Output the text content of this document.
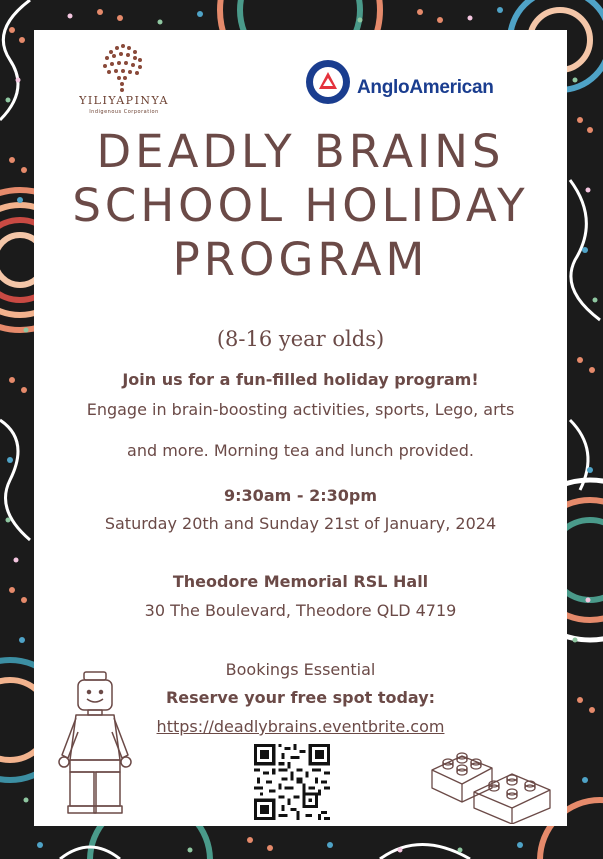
YILIYAPINYA
Indigenous Corporation
AngloAmerican
DEADLY BRAINS
SCHOOL HOLIDAY
PROGRAM
(8-16 year olds)
Join us for a fun-filled holiday program!
Engage in brain-boosting activities, sports, Lego, arts
and more. Morning tea and lunch provided.
9:30am - 2:30pm
Saturday 20th and Sunday 21st of January, 2024
Theodore Memorial RSL Hall
30 The Boulevard, Theodore QLD 4719
Bookings Essential
Reserve your free spot today:
https://deadlybrains.eventbrite.com
